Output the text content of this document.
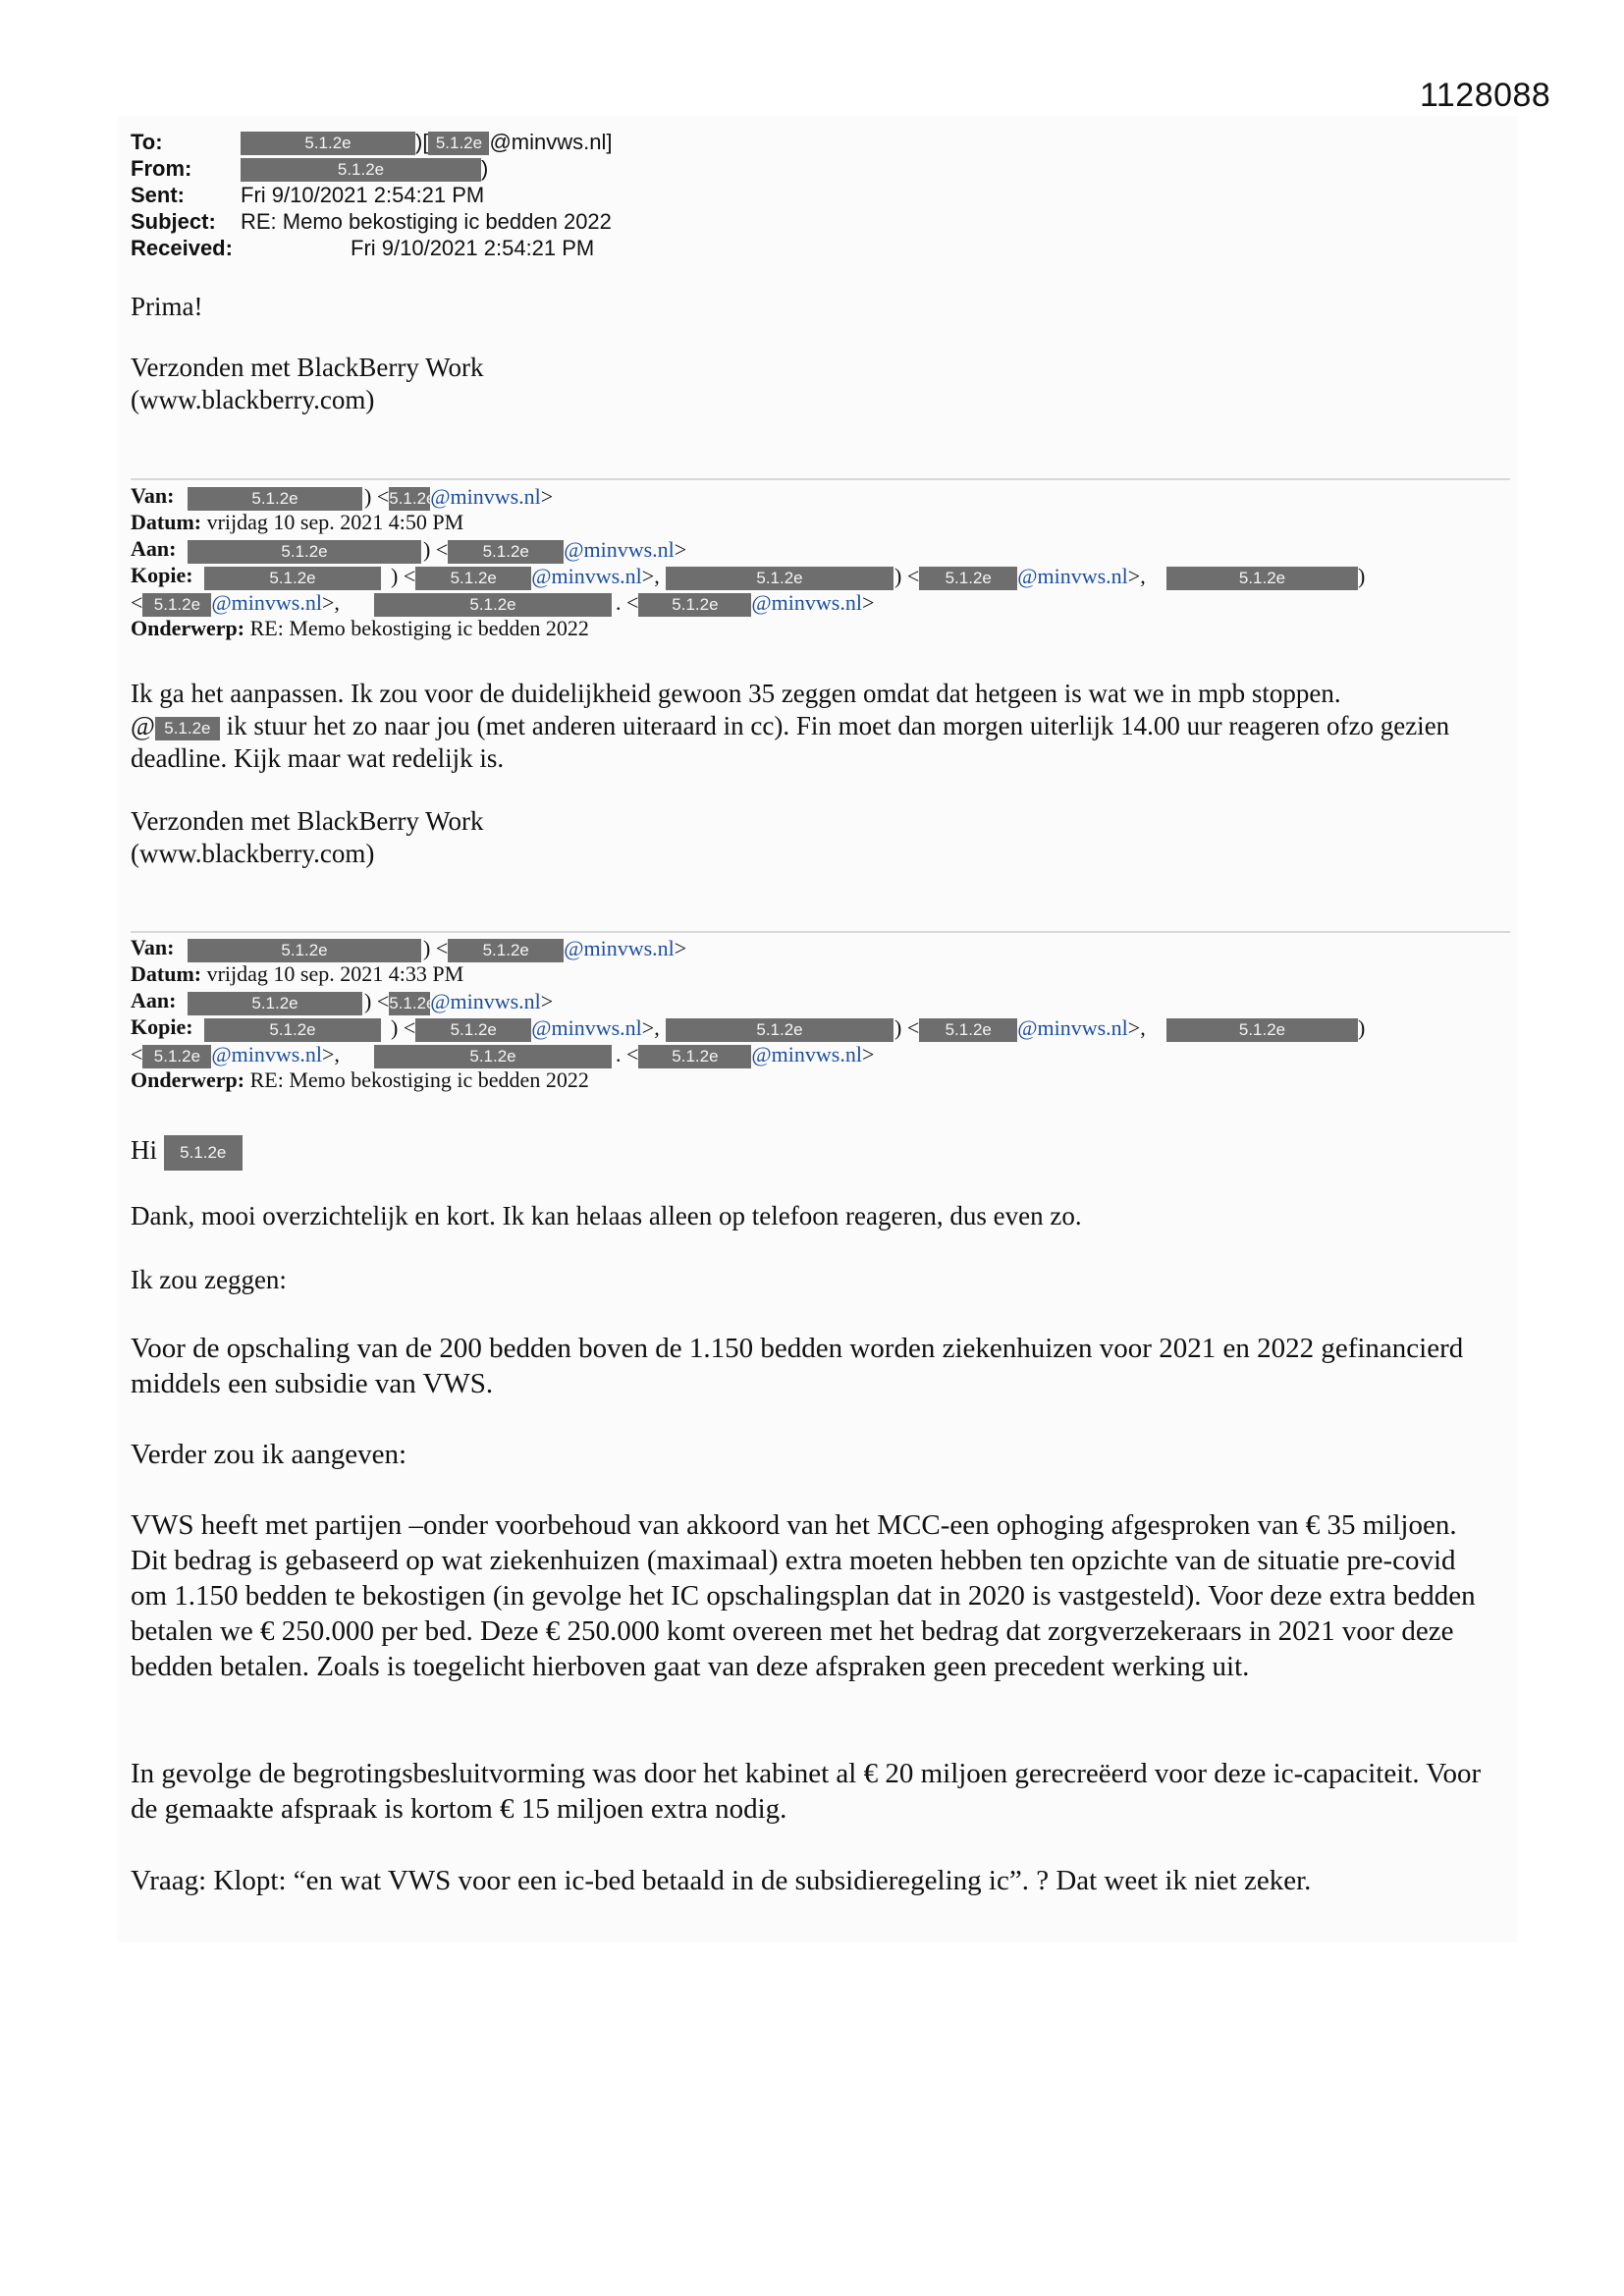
1128088
To:	5.1.2e	)[ 5.1.2e @minvws.nl]
From:	5.1.2e	)
Sent:	Fri 9/10/2021 2:54:21 PM
Subject: RE: Memo bekostiging ic bedden 2022
Received:	Fri 9/10/2021 2:54:21 PM

Prima!

Verzonden met BlackBerry Work

(www.blackberry.com)

Van:	5.1.2e	) <5.1.2e@minvws.nl>
Datum: vrijdag 10 sep. 2021 4:50 PM
Aan:	5.1.2e	) < 5.1.2e @minvws.nl>
Kopie:	5.1.2e	) < 5.1.2e @minvws.nl>,	5.1.2e	) < 5.1.2e @minvws.nl>,	5.1.2e	)
< 5.1.2e @minvws.nl>,	5.1.2e	. < 5.1.2e @minvws.nl>
Onderwerp: RE: Memo bekostiging ic bedden 2022

Ik ga het aanpassen. Ik zou voor de duidelijkheid gewoon 35 zeggen omdat dat hetgeen is wat we in mpb stoppen.

@ 5.1.2e ik stuur het zo naar jou (met anderen uiteraard in cc). Fin moet dan morgen uiterlijk 14.00 uur reageren ofzo gezien

deadline. Kijk maar wat redelijk is.

Verzonden met BlackBerry Work

(www.blackberry.com)

Van:	5.1.2e	) < 5.1.2e @minvws.nl>
Datum: vrijdag 10 sep. 2021 4:33 PM
Aan:	5.1.2e	) <5.1.2e@minvws.nl>
Kopie:	5.1.2e	) < 5.1.2e @minvws.nl>,	5.1.2e	) < 5.1.2e @minvws.nl>,	5.1.2e	)
< 5.1.2e @minvws.nl>,	5.1.2e	. < 5.1.2e @minvws.nl>
Onderwerp: RE: Memo bekostiging ic bedden 2022

Hi 5.1.2e

Dank, mooi overzichtelijk en kort. Ik kan helaas alleen op telefoon reageren, dus even zo.

Ik zou zeggen:

Voor de opschaling van de 200 bedden boven de 1.150 bedden worden ziekenhuizen voor 2021 en 2022 gefinancierd middels een subsidie van VWS.

Verder zou ik aangeven:

VWS heeft met partijen –onder voorbehoud van akkoord van het MCC-een ophoging afgesproken van € 35 miljoen. Dit bedrag is gebaseerd op wat ziekenhuizen (maximaal) extra moeten hebben ten opzichte van de situatie pre-covid om 1.150 bedden te bekostigen (in gevolge het IC opschalingsplan dat in 2020 is vastgesteld). Voor deze extra bedden betalen we € 250.000 per bed. Deze € 250.000 komt overeen met het bedrag dat zorgverzekeraars in 2021 voor deze bedden betalen. Zoals is toegelicht hierboven gaat van deze afspraken geen precedent werking uit.

In gevolge de begrotingsbesluitvorming was door het kabinet al € 20 miljoen gerecreëerd voor deze ic-capaciteit. Voor de gemaakte afspraak is kortom € 15 miljoen extra nodig.

Vraag: Klopt: “en wat VWS voor een ic-bed betaald in de subsidieregeling ic”. ? Dat weet ik niet zeker.
